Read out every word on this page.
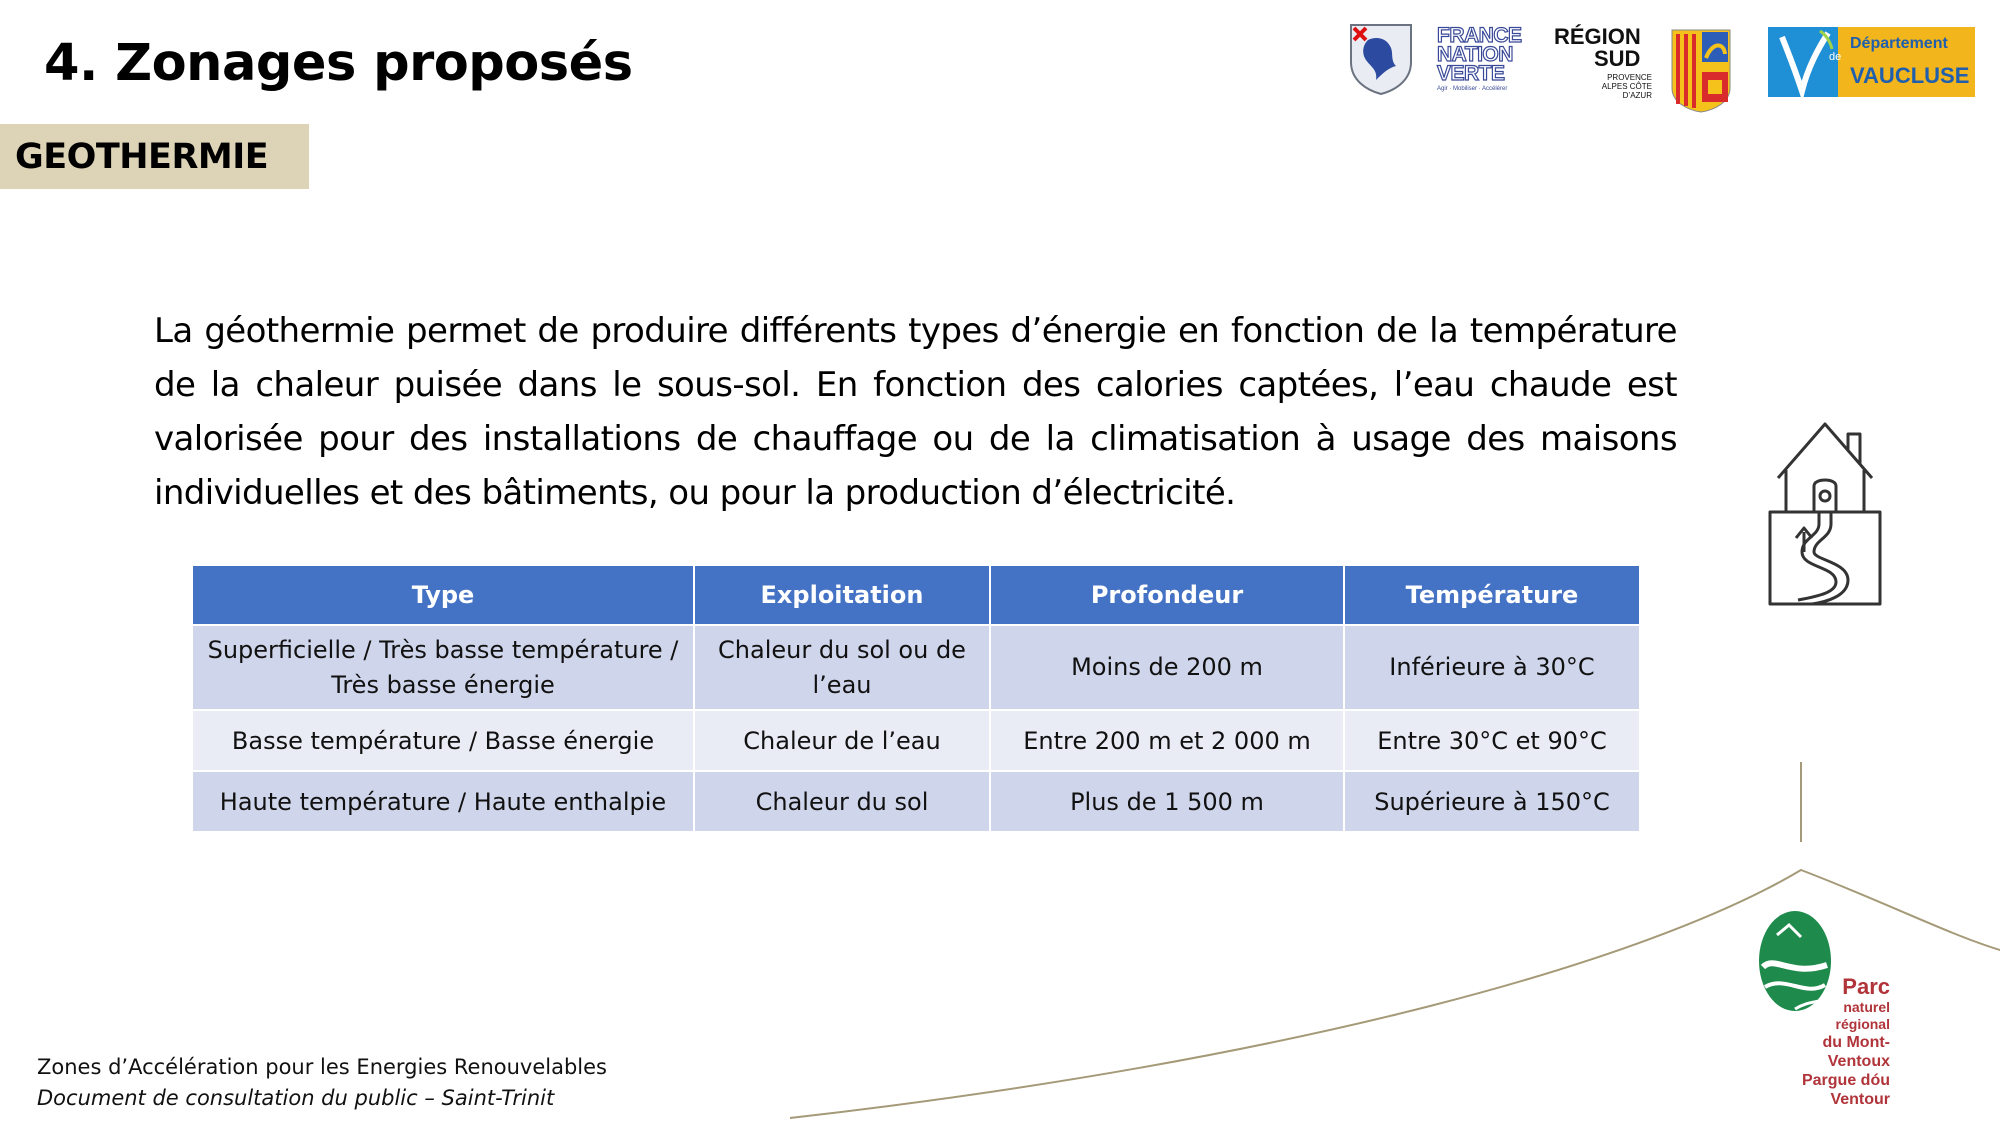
4. Zonages proposés
GEOTHERMIE
FRANCE
NATION
VERTE
Agir · Mobiliser · Accélérer
RÉGION
SUD
PROVENCE ALPES CÔTE D’AZUR
de
Département
VAUCLUSE

La géothermie permet de produire différents types d’énergie en fonction de la température de la chaleur puisée dans le sous-sol. En fonction des calories captées, l’eau chaude est valorisée pour des installations de chauffage ou de la climatisation à usage des maisons individuelles et des bâtiments, ou pour la production d’électricité.

Type	Exploitation	Profondeur	Température
Superficielle / Très basse température / Très basse énergie	Chaleur du sol ou de l’eau	Moins de 200 m	Inférieure à 30°C
Basse température / Basse énergie	Chaleur de l’eau	Entre 200 m et 2 000 m	Entre 30°C et 90°C
Haute température / Haute enthalpie	Chaleur du sol	Plus de 1 500 m	Supérieure à 150°C
Parc
naturel
régional
du Mont-Ventoux
Pargue dóu Ventour
Zones d’Accélération pour les Energies Renouvelables
Document de consultation du public – Saint-Trinit
